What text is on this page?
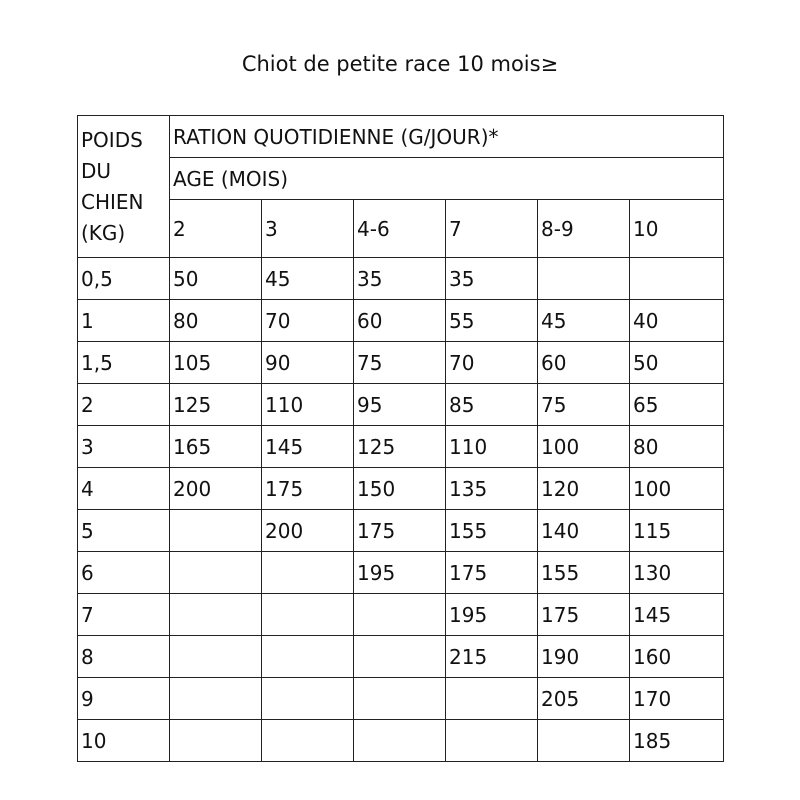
Chiot de petite race 10 mois≥
POIDS DU CHIEN (KG)	RATION QUOTIDIENNE (G/JOUR)*					
	AGE (MOIS)					
	2	3	4-6	7	8-9	10
0,5	50	45	35	35		
1	80	70	60	55	45	40
1,5	105	90	75	70	60	50
2	125	110	95	85	75	65
3	165	145	125	110	100	80
4	200	175	150	135	120	100
5		200	175	155	140	115
6			195	175	155	130
7				195	175	145
8				215	190	160
9					205	170
10						185
